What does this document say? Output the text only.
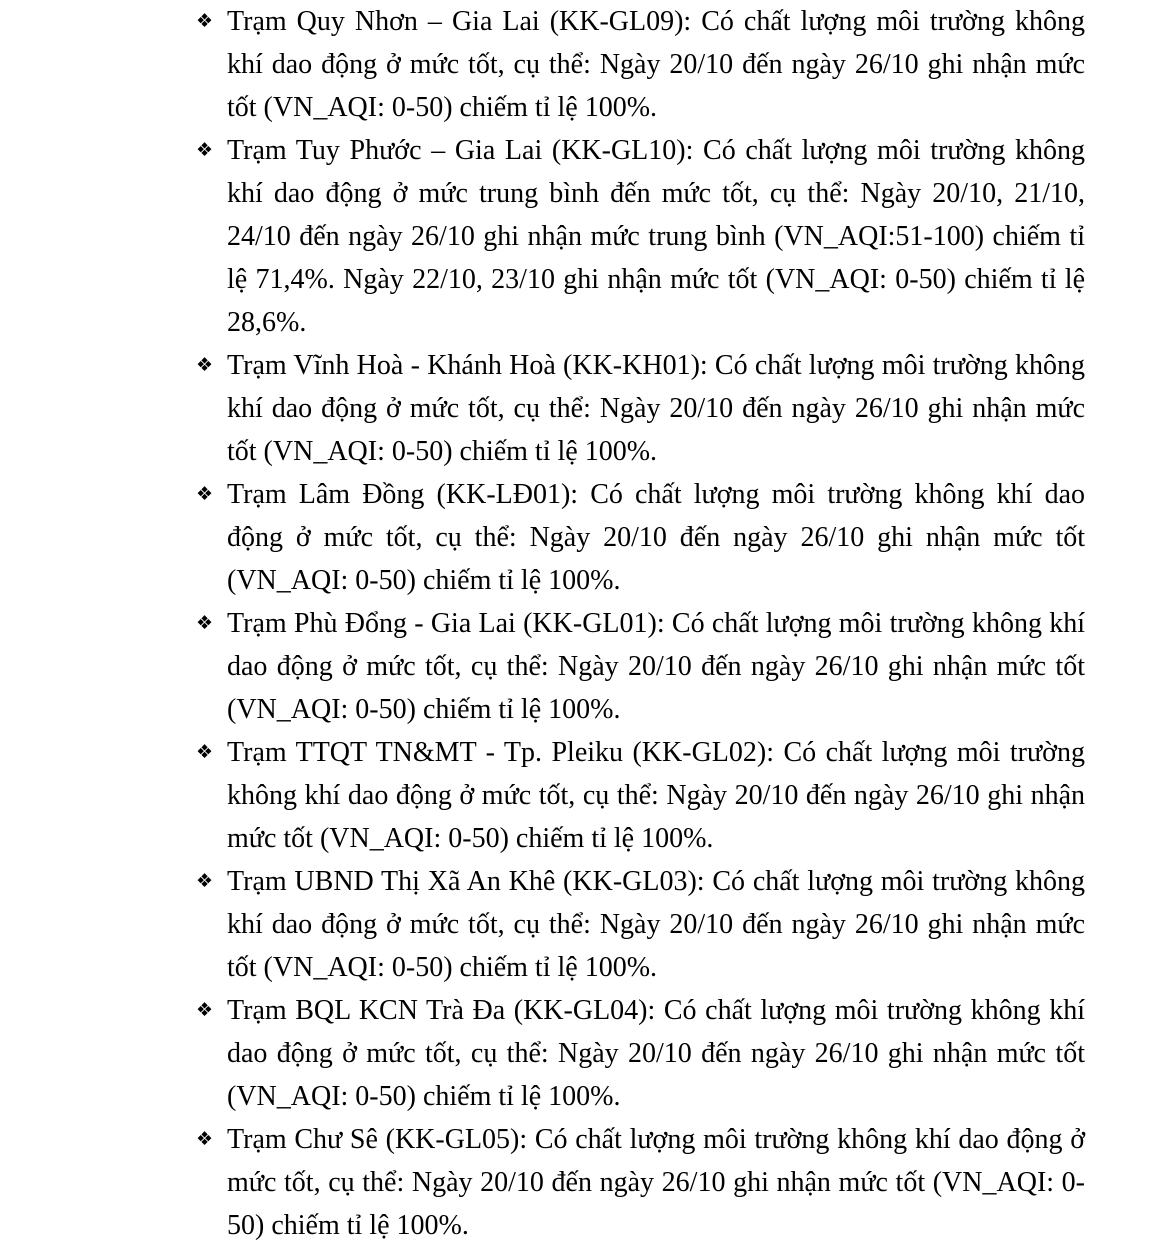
❖ Trạm Quy Nhơn – Gia Lai (KK-GL09): Có chất lượng môi trường không khí dao động ở mức tốt, cụ thể: Ngày 20/10 đến ngày 26/10 ghi nhận mức tốt (VN_AQI: 0-50) chiếm tỉ lệ 100%.
❖ Trạm Tuy Phước – Gia Lai (KK-GL10): Có chất lượng môi trường không khí dao động ở mức trung bình đến mức tốt, cụ thể: Ngày 20/10, 21/10, 24/10 đến ngày 26/10 ghi nhận mức trung bình (VN_AQI:51-100) chiếm tỉ lệ 71,4%. Ngày 22/10, 23/10 ghi nhận mức tốt (VN_AQI: 0-50) chiếm tỉ lệ 28,6%.
❖ Trạm Vĩnh Hoà - Khánh Hoà (KK-KH01): Có chất lượng môi trường không khí dao động ở mức tốt, cụ thể: Ngày 20/10 đến ngày 26/10 ghi nhận mức tốt (VN_AQI: 0-50) chiếm tỉ lệ 100%.
❖ Trạm Lâm Đồng (KK-LĐ01): Có chất lượng môi trường không khí dao động ở mức tốt, cụ thể: Ngày 20/10 đến ngày 26/10 ghi nhận mức tốt (VN_AQI: 0-50) chiếm tỉ lệ 100%.
❖ Trạm Phù Đổng - Gia Lai (KK-GL01): Có chất lượng môi trường không khí dao động ở mức tốt, cụ thể: Ngày 20/10 đến ngày 26/10 ghi nhận mức tốt (VN_AQI: 0-50) chiếm tỉ lệ 100%.
❖ Trạm TTQT TN&MT - Tp. Pleiku (KK-GL02): Có chất lượng môi trường không khí dao động ở mức tốt, cụ thể: Ngày 20/10 đến ngày 26/10 ghi nhận mức tốt (VN_AQI: 0-50) chiếm tỉ lệ 100%.
❖ Trạm UBND Thị Xã An Khê (KK-GL03): Có chất lượng môi trường không khí dao động ở mức tốt, cụ thể: Ngày 20/10 đến ngày 26/10 ghi nhận mức tốt (VN_AQI: 0-50) chiếm tỉ lệ 100%.
❖ Trạm BQL KCN Trà Đa (KK-GL04): Có chất lượng môi trường không khí dao động ở mức tốt, cụ thể: Ngày 20/10 đến ngày 26/10 ghi nhận mức tốt (VN_AQI: 0-50) chiếm tỉ lệ 100%.
❖ Trạm Chư Sê (KK-GL05): Có chất lượng môi trường không khí dao động ở mức tốt, cụ thể: Ngày 20/10 đến ngày 26/10 ghi nhận mức tốt (VN_AQI: 0-50) chiếm tỉ lệ 100%.
